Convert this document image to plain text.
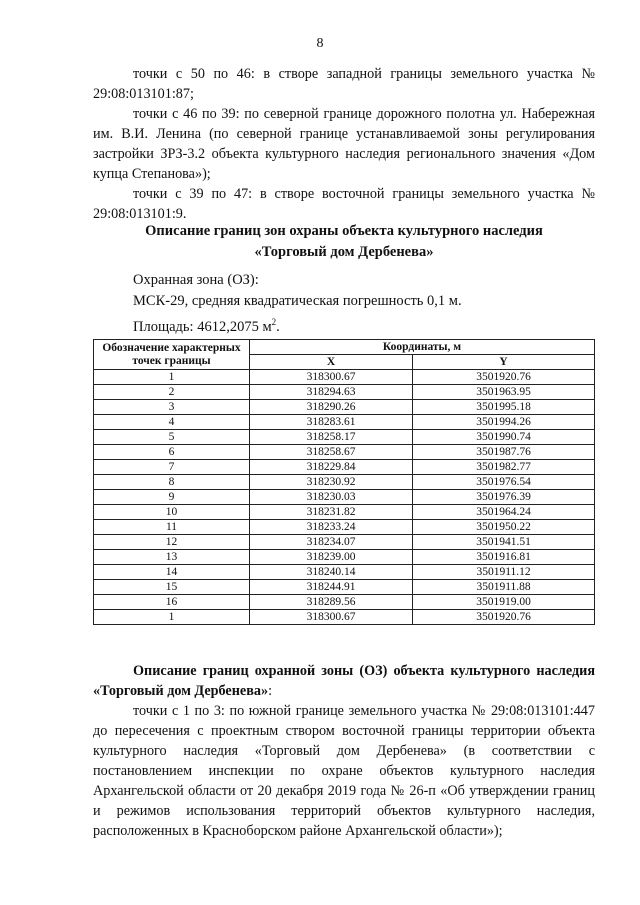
8

точки с 50 по 46: в створе западной границы земельного участка № 29:08:013101:87;

точки с 46 по 39: по северной границе дорожного полотна ул. Набережная им. В.И. Ленина (по северной границе устанавливаемой зоны регулирования застройки ЗРЗ-3.2 объекта культурного наследия регионального значения «Дом купца Степанова»);

точки с 39 по 47: в створе восточной границы земельного участка № 29:08:013101:9.

Описание границ зон охраны объекта культурного наследия
«Торговый дом Дербенева»
Охранная зона (ОЗ):
МСК-29, средняя квадратическая погрешность 0,1 м.
Площадь: 4612,2075 $м^2$.
Обозначение характерных точек границы	Координаты, м	
	X	Y
1	318300.67	3501920.76
2	318294.63	3501963.95
3	318290.26	3501995.18
4	318283.61	3501994.26
5	318258.17	3501990.74
6	318258.67	3501987.76
7	318229.84	3501982.77
8	318230.92	3501976.54
9	318230.03	3501976.39
10	318231.82	3501964.24
11	318233.24	3501950.22
12	318234.07	3501941.51
13	318239.00	3501916.81
14	318240.14	3501911.12
15	318244.91	3501911.88
16	318289.56	3501919.00
1	318300.67	3501920.76

Описание границ охранной зоны (ОЗ) объекта культурного наследия «Торговый дом Дербенева»:

точки с 1 по 3: по южной границе земельного участка № 29:08:013101:447 до пересечения с проектным створом восточной границы территории объекта культурного наследия «Торговый дом Дербенева» (в соответствии с постановлением инспекции по охране объектов культурного наследия Архангельской области от 20 декабря 2019 года № 26-п «Об утверждении границ и режимов использования территорий объектов культурного наследия, расположенных в Красноборском районе Архангельской области»);
